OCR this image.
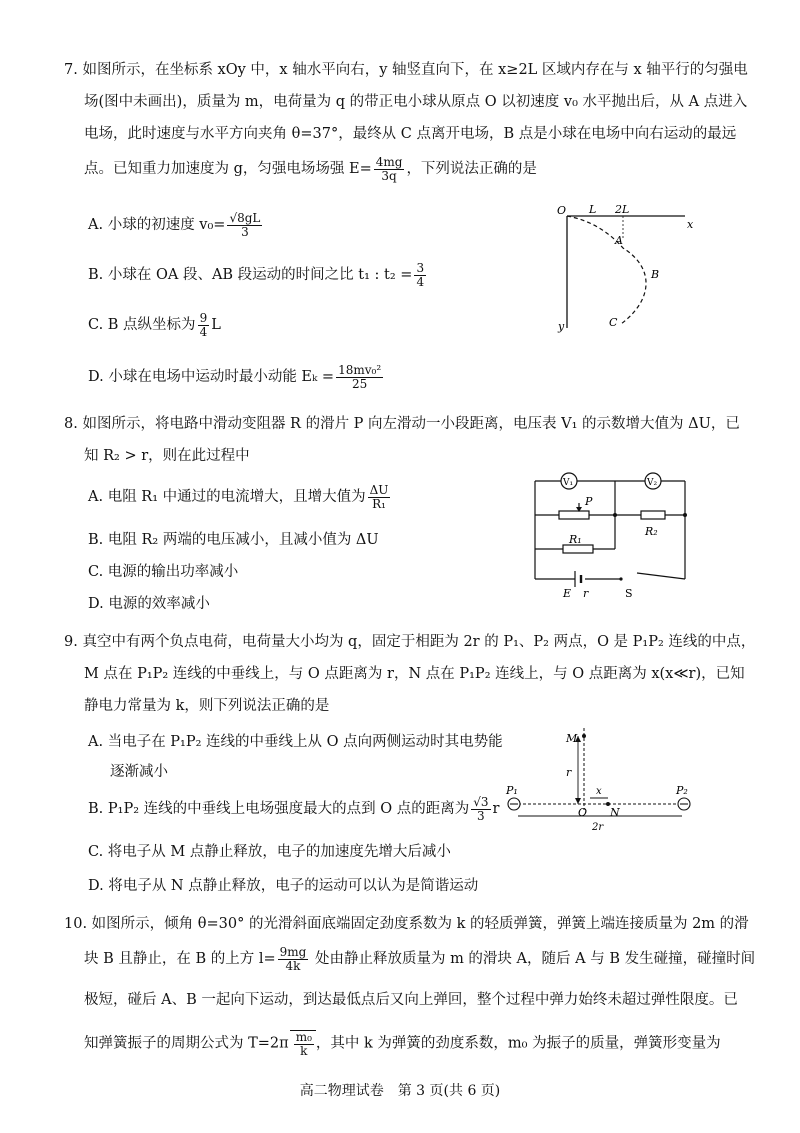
7. 如图所示，在坐标系 xOy 中，x 轴水平向右，y 轴竖直向下，在 x≥2L 区域内存在与 x 轴平行的匀强电
场(图中未画出)，质量为 m，电荷量为 q 的带正电小球从原点 O 以初速度 v₀ 水平抛出后，从 A 点进入
电场，此时速度与水平方向夹角 θ=37°，最终从 C 点离开电场，B 点是小球在电场中向右运动的最远
点。已知重力加速度为 g，匀强电场场强 $E= \frac{4mg}{3q}$ ，下列说法正确的是
A. 小球的初速度 $v_0= \frac{√8gL}{3}$
B. 小球在 OA 段、AB 段运动的时间之比 t₁ : $t_2 = \frac{3}{4}$
C. B 点纵坐标为 $\frac{9}{4}$ L
D. 小球在电场中运动时最小动能 $E_k = \frac{\text{18mv₀²}}{25}$
O L 2L
x
y
A
B
C
8. 如图所示，将电路中滑动变阻器 R 的滑片 P 向左滑动一小段距离，电压表 V₁ 的示数增大值为 ΔU，已
知 R₂ > r，则在此过程中
A. 电阻 R₁ 中通过的电流增大，且增大值为 $\frac{\Delta U}{\text{R₁}}$
B. 电阻 R₂ 两端的电压减小，且减小值为 ΔU
C. 电源的输出功率减小
D. 电源的效率减小
V₁	V₂
P
R₂
R₁
E r	S
9. 真空中有两个负点电荷，电荷量大小均为 q，固定于相距为 2r 的 P₁、P₂ 两点，O 是 P₁P₂ 连线的中点，
M 点在 P₁P₂ 连线的中垂线上，与 O 点距离为 r，N 点在 P₁P₂ 连线上，与 O 点距离为 x(x≪r)，已知
静电力常量为 k，则下列说法正确的是
A. 当电子在 P₁P₂ 连线的中垂线上从 O 点向两侧运动时其电势能
逐渐减小
B. P₁P₂ 连线的中垂线上电场强度最大的点到 O 点的距离为 $\frac{√3}{3}$ r
C. 将电子从 M 点静止释放，电子的加速度先增大后减小
D. 将电子从 N 点静止释放，电子的运动可以认为是简谐运动
M
r
P₁	P₂
x
O N
2r
10. 如图所示，倾角 θ=30° 的光滑斜面底端固定劲度系数为 k 的轻质弹簧，弹簧上端连接质量为 2m 的滑
块 B 且静止，在 B 的上方 $l= \frac{9mg}{4k}$ 处由静止释放质量为 m 的滑块 A，随后 A 与 B 发生碰撞，碰撞时间
极短，碰后 A、B 一起向下运动，到达最低点后又向上弹回，整个过程中弹力始终未超过弹性限度。已
知弹簧振子的周期公式为 $T=2\pi \frac{\text{m₀}}{k}$ ，其中 k 为弹簧的劲度系数，m₀ 为振子的质量，弹簧形变量为
高二物理试卷　第 3 页(共 6 页)
